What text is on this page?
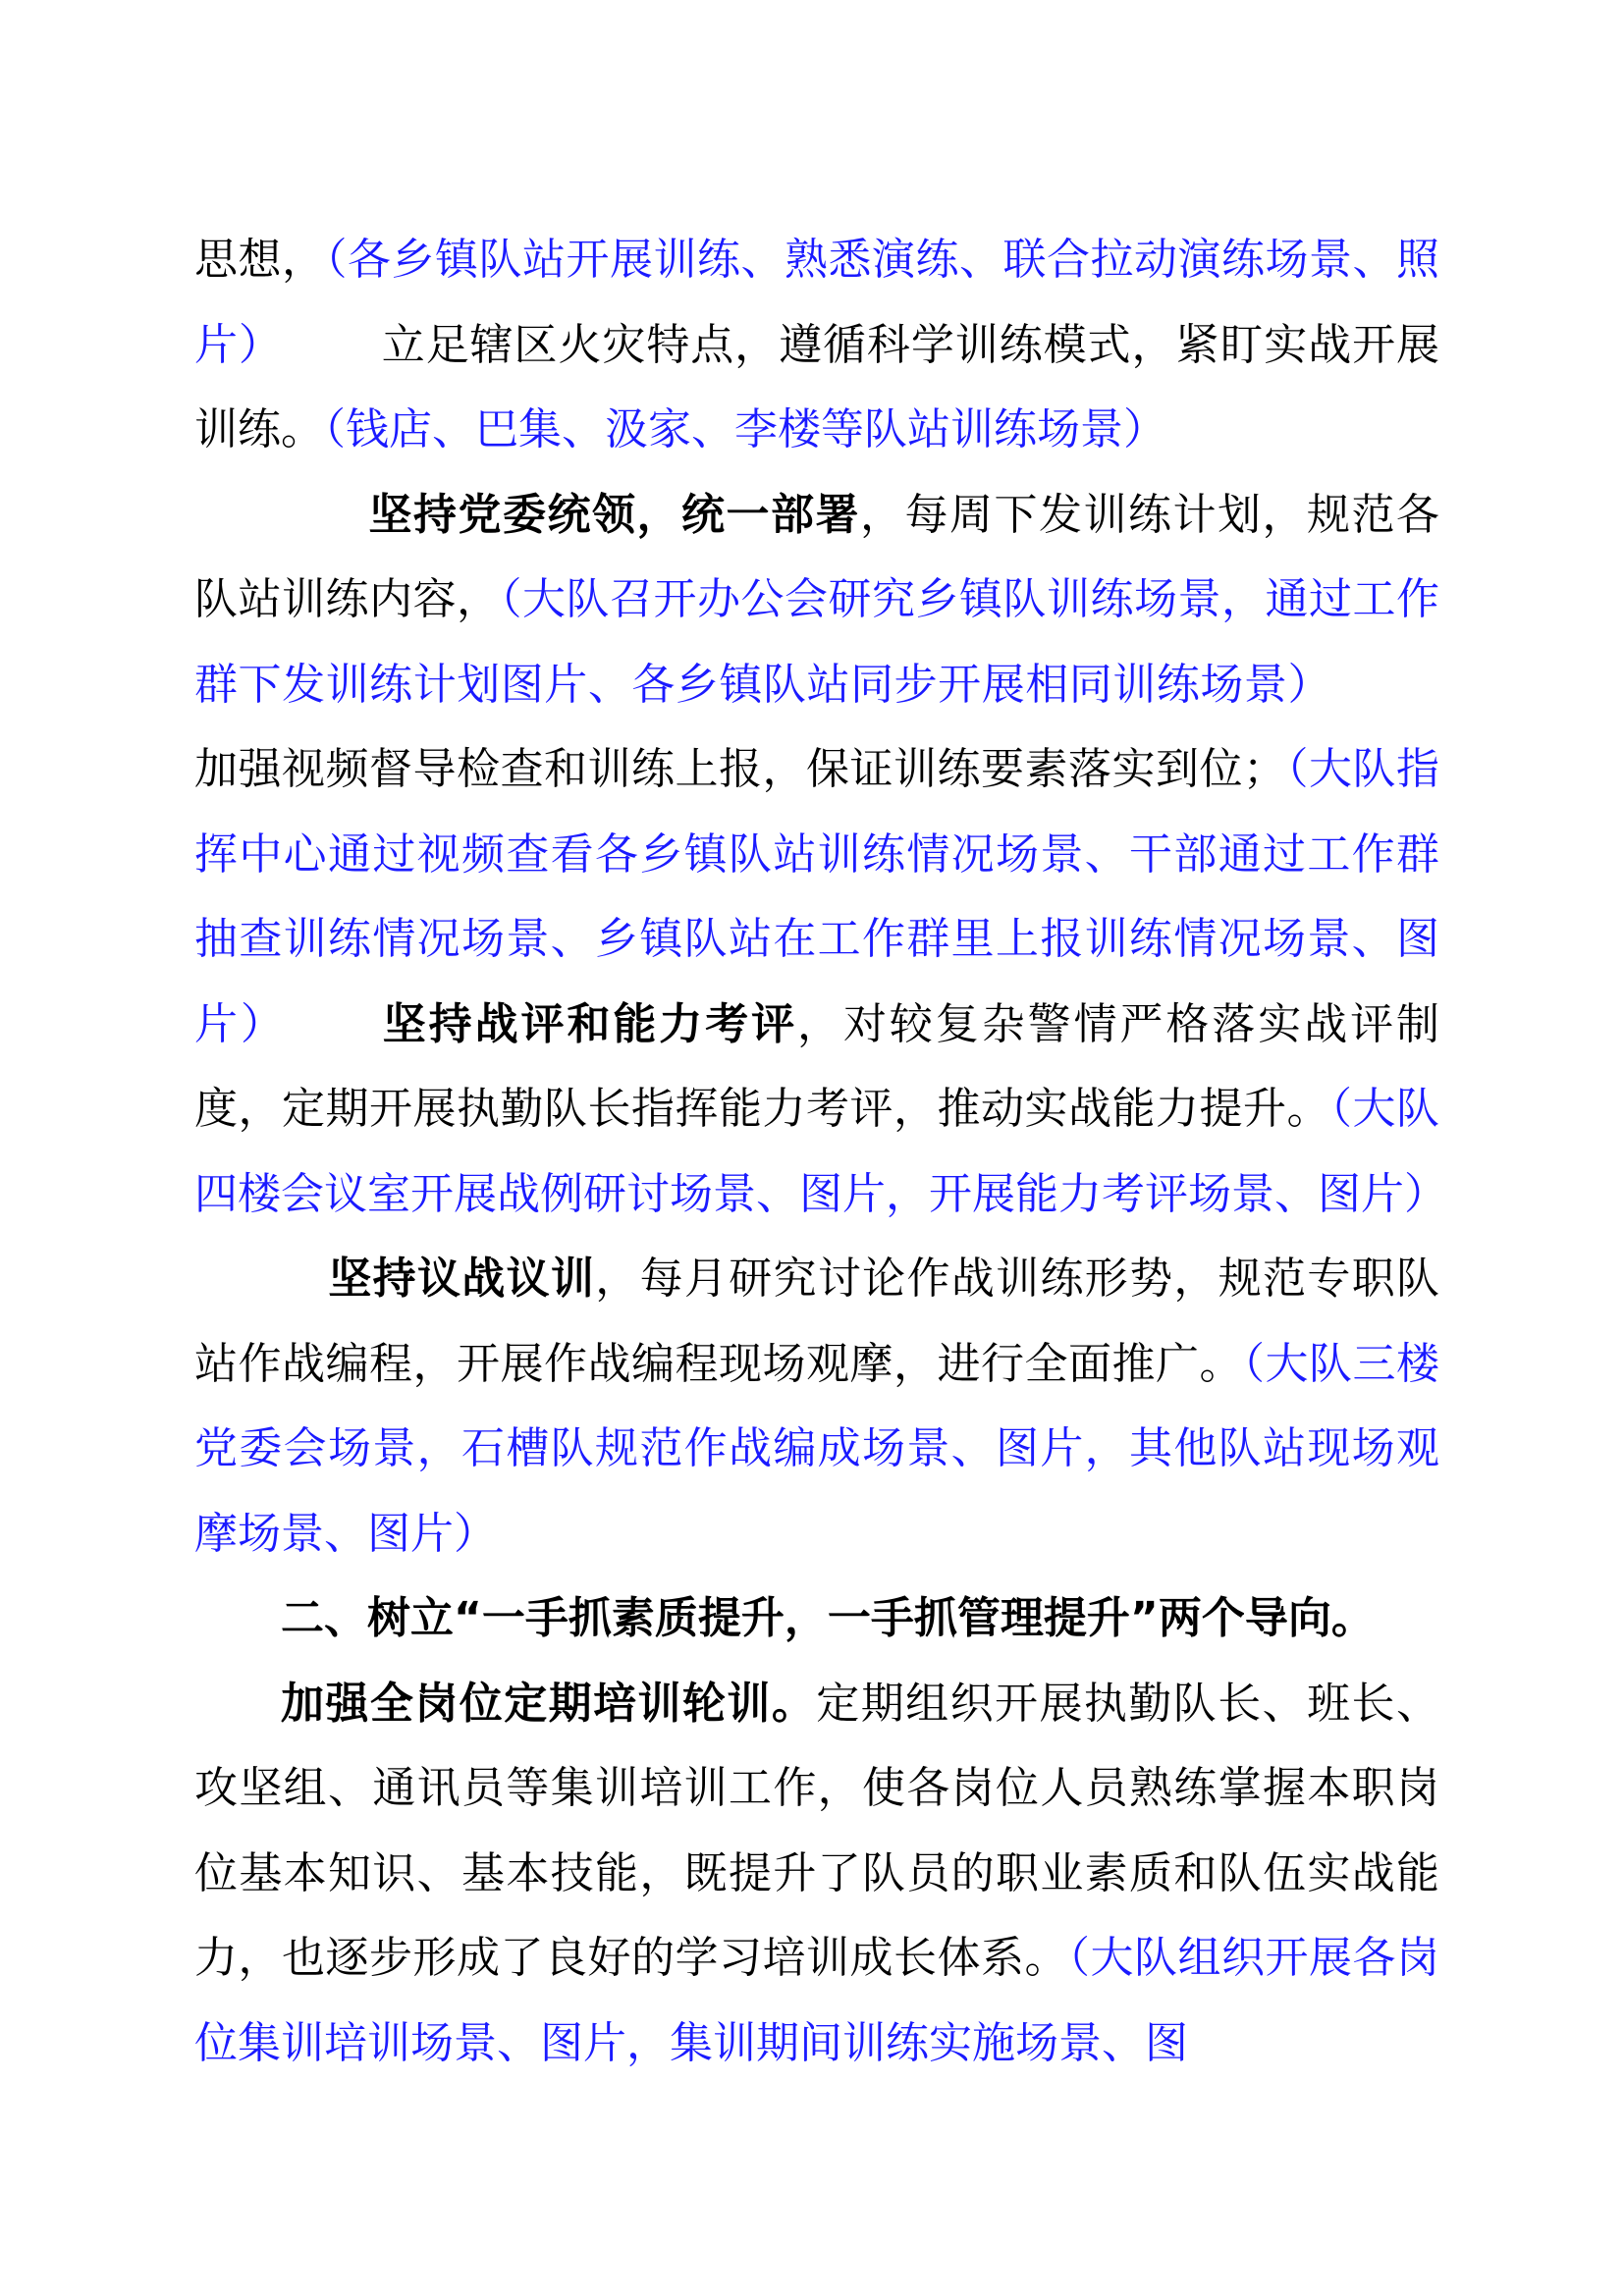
思想，（各乡镇队站开展训练、熟悉演练、联合拉动演练场景、照片） 立足辖区火灾特点，遵循科学训练模式，紧盯实战开展训练。（钱店、巴集、汲家、李楼等队站训练场景）

坚持党委统领，统一部署，每周下发训练计划，规范各队站训练内容，（大队召开办公会研究乡镇队训练场景，通过工作群下发训练计划图片、各乡镇队站同步开展相同训练场景）加强视频督导检查和训练上报，保证训练要素落实到位；（大队指挥中心通过视频查看各乡镇队站训练情况场景、干部通过工作群抽查训练情况场景、乡镇队站在工作群里上报训练情况场景、图片） 坚持战评和能力考评，对较复杂警情严格落实战评制度，定期开展执勤队长指挥能力考评，推动实战能力提升。（大队四楼会议室开展战例研讨场景、图片，开展能力考评场景、图片）坚持议战议训，每月研究讨论作战训练形势，规范专职队站作战编程，开展作战编程现场观摩，进行全面推广。（大队三楼党委会场景，石槽队规范作战编成场景、图片，其他队站现场观摩场景、图片）

二、树立“一手抓素质提升，一手抓管理提升”两个导向。

加强全岗位定期培训轮训。定期组织开展执勤队长、班长、攻坚组、通讯员等集训培训工作，使各岗位人员熟练掌握本职岗位基本知识、基本技能，既提升了队员的职业素质和队伍实战能力，也逐步形成了良好的学习培训成长体系。（大队组织开展各岗位集训培训场景、图片，集训期间训练实施场景、图
